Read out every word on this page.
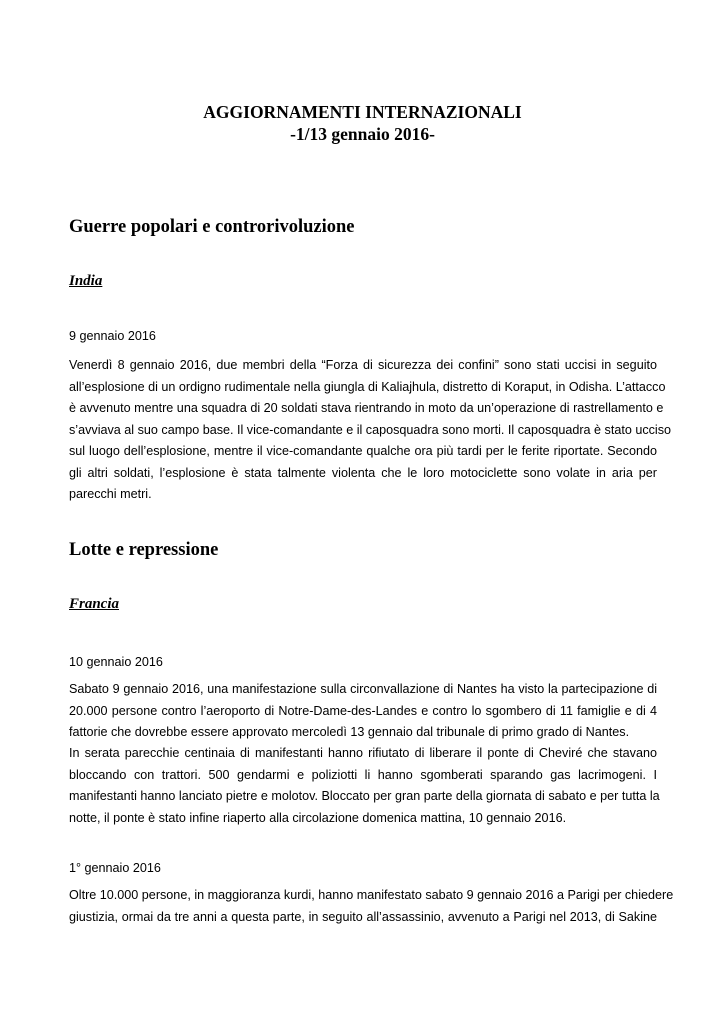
AGGIORNAMENTI INTERNAZIONALI
-1/13 gennaio 2016-
Guerre popolari e controrivoluzione
India
9 gennaio 2016
Venerdì 8 gennaio 2016, due membri della “Forza di sicurezza dei confini” sono stati uccisi in seguito
all’esplosione di un ordigno rudimentale nella giungla di Kaliajhula, distretto di Koraput, in Odisha. L’attacco
è avvenuto mentre una squadra di 20 soldati stava rientrando in moto da un’operazione di rastrellamento e
s’avviava al suo campo base. Il vice-comandante e il caposquadra sono morti. Il caposquadra è stato ucciso
sul luogo dell’esplosione, mentre il vice-comandante qualche ora più tardi per le ferite riportate. Secondo
gli altri soldati, l’esplosione è stata talmente violenta che le loro motociclette sono volate in aria per
parecchi metri.
Lotte e repressione
Francia
10 gennaio 2016
Sabato 9 gennaio 2016, una manifestazione sulla circonvallazione di Nantes ha visto la partecipazione di
20.000 persone contro l’aeroporto di Notre-Dame-des-Landes e contro lo sgombero di 11 famiglie e di 4
fattorie che dovrebbe essere approvato mercoledì 13 gennaio dal tribunale di primo grado di Nantes.
In serata parecchie centinaia di manifestanti hanno rifiutato di liberare il ponte di Cheviré che stavano
bloccando con trattori. 500 gendarmi e poliziotti li hanno sgomberati sparando gas lacrimogeni. I
manifestanti hanno lanciato pietre e molotov. Bloccato per gran parte della giornata di sabato e per tutta la
notte, il ponte è stato infine riaperto alla circolazione domenica mattina, 10 gennaio 2016.
1° gennaio 2016
Oltre 10.000 persone, in maggioranza kurdi, hanno manifestato sabato 9 gennaio 2016 a Parigi per chiedere
giustizia, ormai da tre anni a questa parte, in seguito all’assassinio, avvenuto a Parigi nel 2013, di Sakine
